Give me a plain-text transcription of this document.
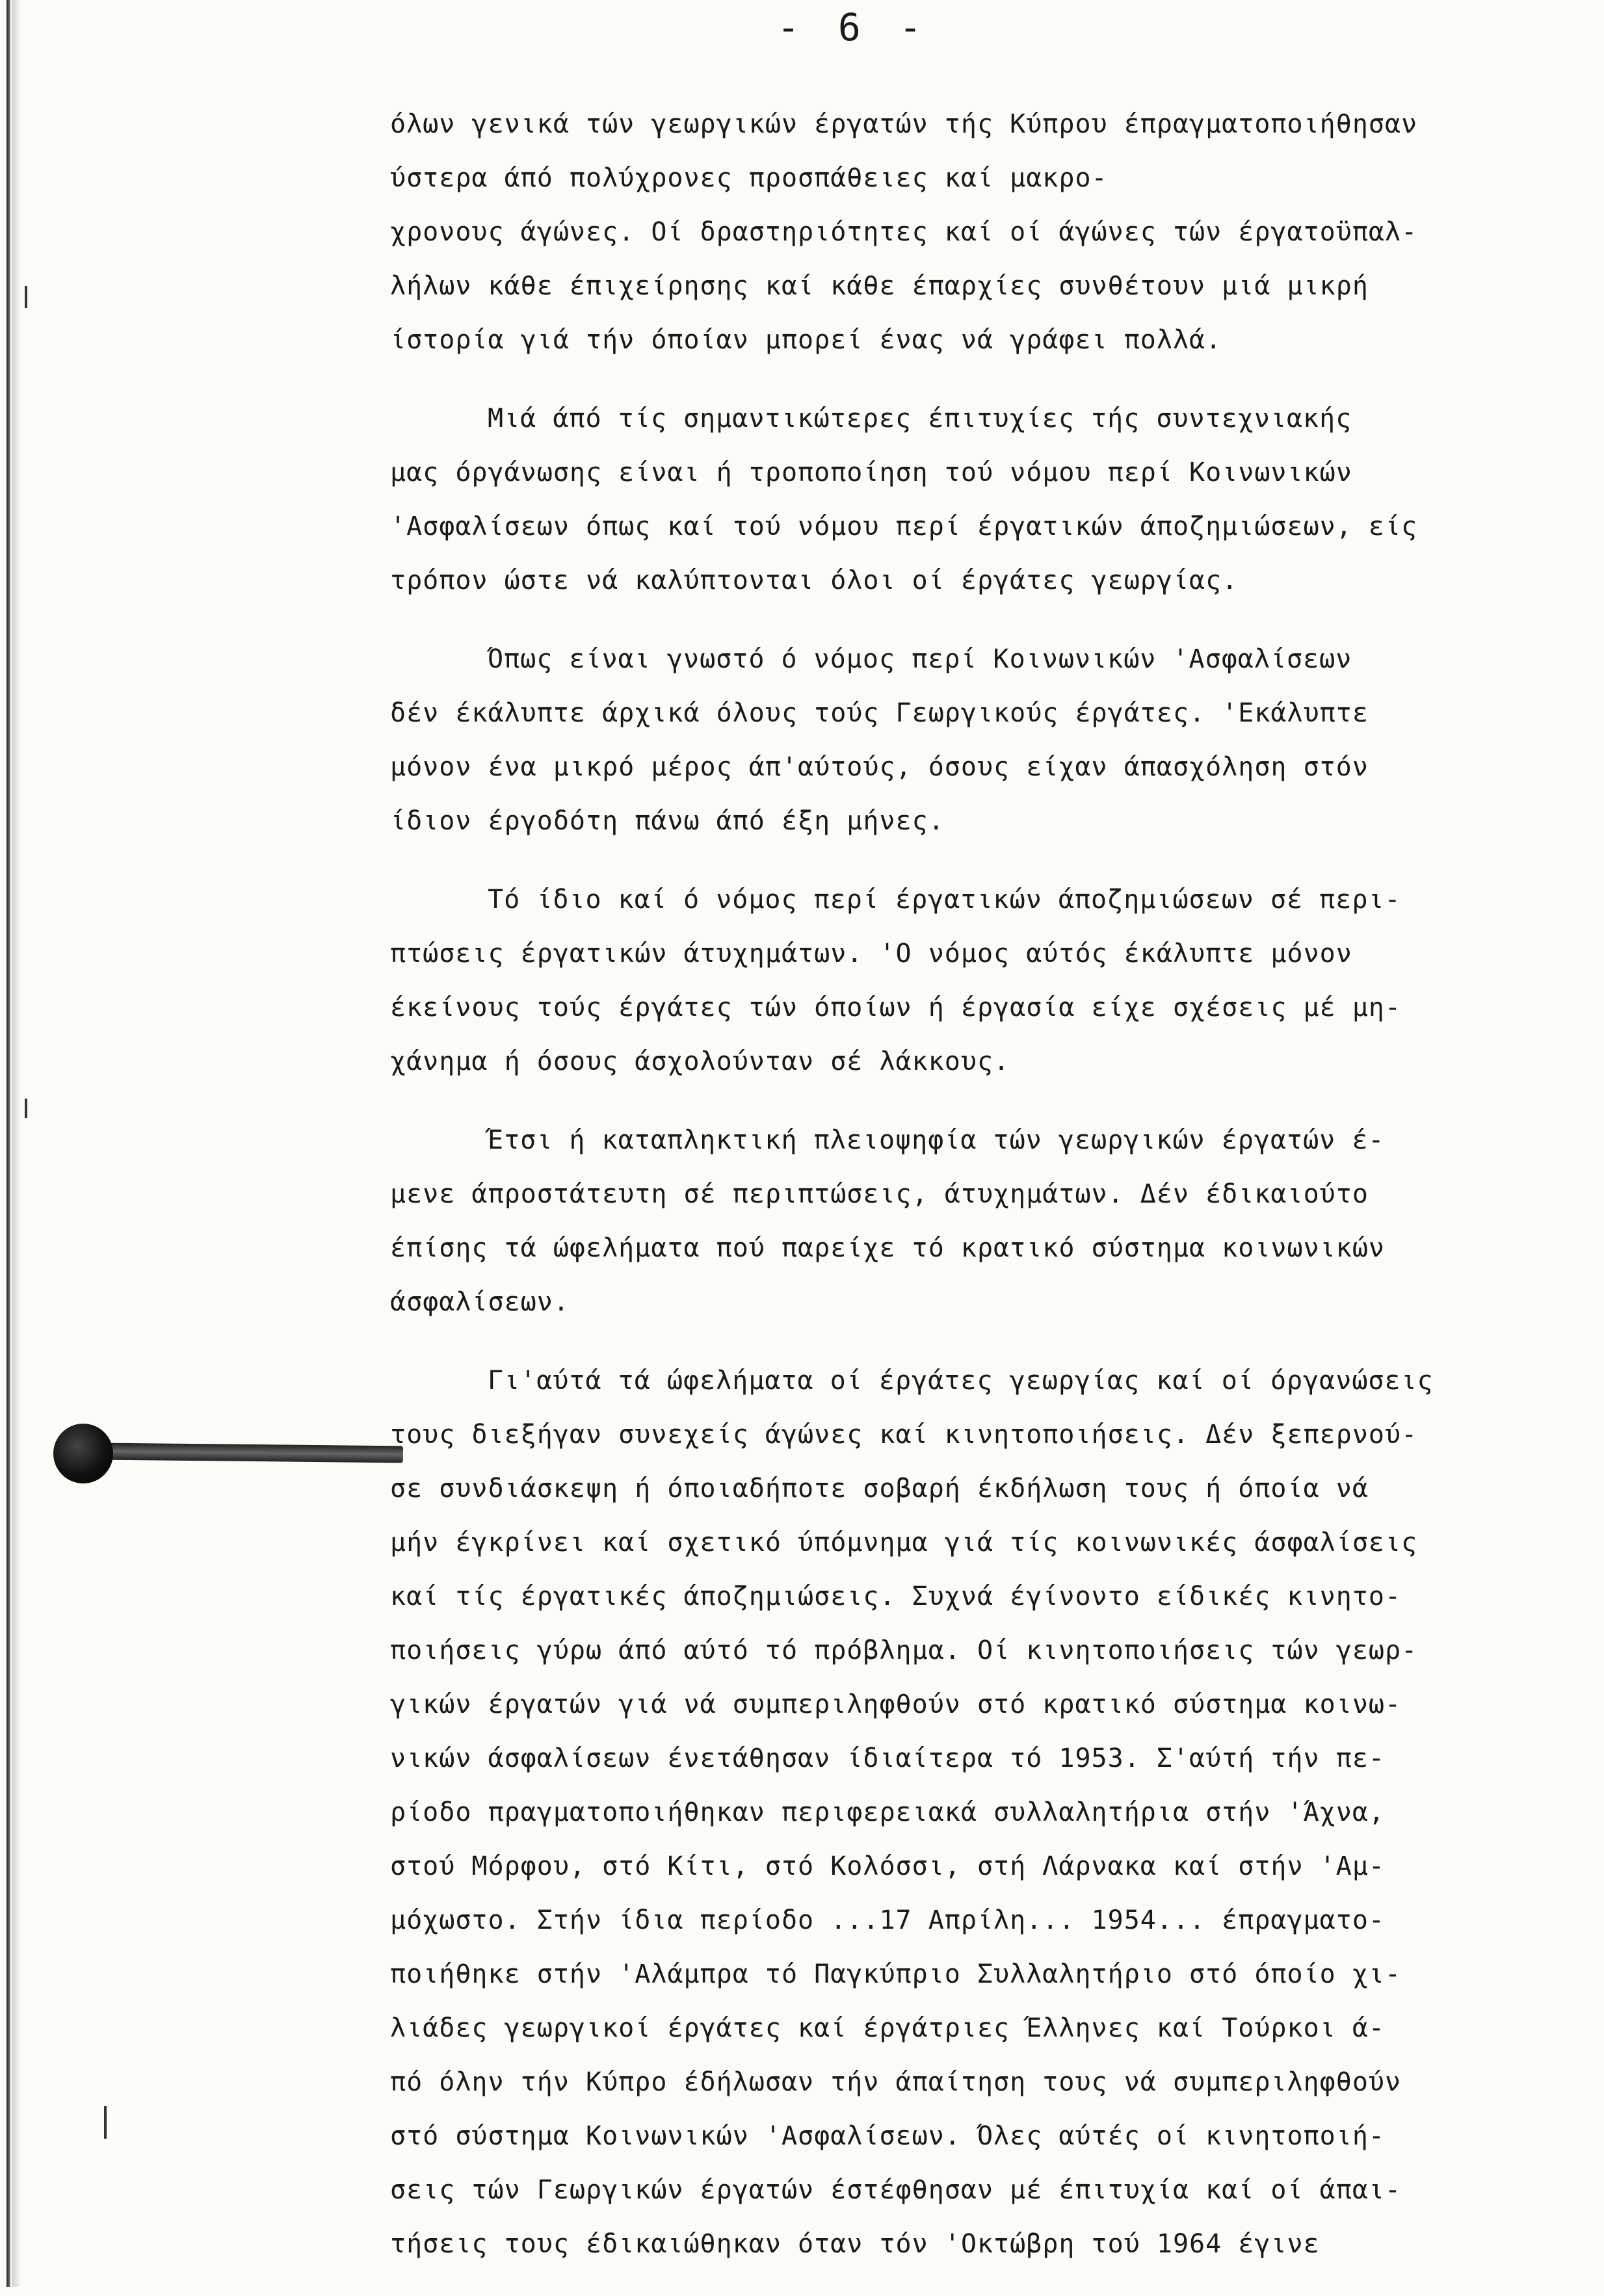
- 6 -
όλων γενικά τών γεωργικών έργατών τής Κύπρου έπραγματοποιήθησαν
ύστερα άπό πολύχρονες προσπάθειες καί μακρο-
χρονους άγώνες. Οί δραστηριότητες καί οί άγώνες τών έργατοϋπαλ-
λήλων κάθε έπιχείρησης καί κάθε έπαρχίες συνθέτουν μιά μικρή
ίστορία γιά τήν όποίαν μπορεί ένας νά γράφει πολλά.
Μιά άπό τίς σημαντικώτερες έπιτυχίες τής συντεχνιακής
μας όργάνωσης είναι ή τροποποίηση τού νόμου περί Κοινωνικών
'Ασφαλίσεων όπως καί τού νόμου περί έργατικών άποζημιώσεων, είς
τρόπον ώστε νά καλύπτονται όλοι οί έργάτες γεωργίας.
Όπως είναι γνωστό ό νόμος περί Κοινωνικών 'Ασφαλίσεων
δέν έκάλυπτε άρχικά όλους τούς Γεωργικούς έργάτες. 'Εκάλυπτε
μόνον ένα μικρό μέρος άπ'αύτούς, όσους είχαν άπασχόληση στόν
ίδιον έργοδότη πάνω άπό έξη μήνες.
Τό ίδιο καί ό νόμος περί έργατικών άποζημιώσεων σέ περι-
πτώσεις έργατικών άτυχημάτων. 'Ο νόμος αύτός έκάλυπτε μόνον
έκείνους τούς έργάτες τών όποίων ή έργασία είχε σχέσεις μέ μη-
χάνημα ή όσους άσχολούνταν σέ λάκκους.
Έτσι ή καταπληκτική πλειοψηφία τών γεωργικών έργατών έ-
μενε άπροστάτευτη σέ περιπτώσεις, άτυχημάτων. Δέν έδικαιούτο
έπίσης τά ώφελήματα πού παρείχε τό κρατικό σύστημα κοινωνικών
άσφαλίσεων.
Γι'αύτά τά ώφελήματα οί έργάτες γεωργίας καί οί όργανώσεις
τους διεξήγαν συνεχείς άγώνες καί κινητοποιήσεις. Δέν ξεπερνού-
σε συνδιάσκεψη ή όποιαδήποτε σοβαρή έκδήλωση τους ή όποία νά
μήν έγκρίνει καί σχετικό ύπόμνημα γιά τίς κοινωνικές άσφαλίσεις
καί τίς έργατικές άποζημιώσεις. Συχνά έγίνοντο είδικές κινητο-
ποιήσεις γύρω άπό αύτό τό πρόβλημα. Οί κινητοποιήσεις τών γεωρ-
γικών έργατών γιά νά συμπεριληφθούν στό κρατικό σύστημα κοινω-
νικών άσφαλίσεων ένετάθησαν ίδιαίτερα τό 1953. Σ'αύτή τήν πε-
ρίοδο πραγματοποιήθηκαν περιφερειακά συλλαλητήρια στήν 'Άχνα,
στού Μόρφου, στό Κίτι, στό Κολόσσι, στή Λάρνακα καί στήν 'Αμ-
μόχωστο. Στήν ίδια περίοδο ...17 Απρίλη... 1954... έπραγματο-
ποιήθηκε στήν 'Αλάμπρα τό Παγκύπριο Συλλαλητήριο στό όποίο χι-
λιάδες γεωργικοί έργάτες καί έργάτριες Έλληνες καί Τούρκοι ά-
πό όλην τήν Κύπρο έδήλωσαν τήν άπαίτηση τους νά συμπεριληφθούν
στό σύστημα Κοινωνικών 'Ασφαλίσεων. Όλες αύτές οί κινητοποιή-
σεις τών Γεωργικών έργατών έστέφθησαν μέ έπιτυχία καί οί άπαι-
τήσεις τους έδικαιώθηκαν όταν τόν 'Οκτώβρη τού 1964 έγινε
